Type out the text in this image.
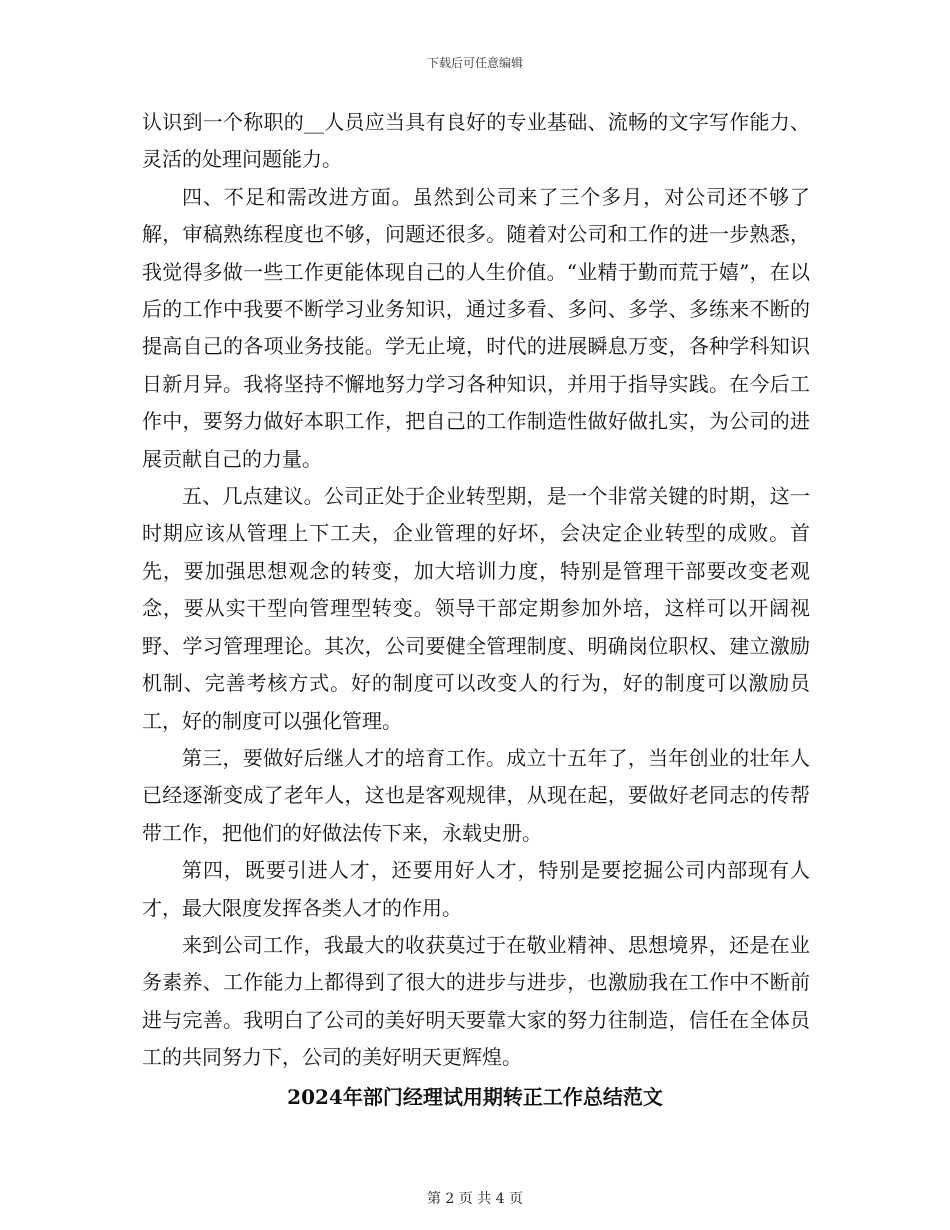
下载后可任意编辑

认识到一个称职的__人员应当具有良好的专业基础、流畅的文字写作能力、灵活的处理问题能力。

四、不足和需改进方面。虽然到公司来了三个多月，对公司还不够了解，审稿熟练程度也不够，问题还很多。随着对公司和工作的进一步熟悉，我觉得多做一些工作更能体现自己的人生价值。“业精于勤而荒于嬉”，在以后的工作中我要不断学习业务知识，通过多看、多问、多学、多练来不断的提高自己的各项业务技能。学无止境，时代的进展瞬息万变，各种学科知识日新月异。我将坚持不懈地努力学习各种知识，并用于指导实践。在今后工作中，要努力做好本职工作，把自己的工作制造性做好做扎实，为公司的进展贡献自己的力量。

五、几点建议。公司正处于企业转型期，是一个非常关键的时期，这一时期应该从管理上下工夫，企业管理的好坏，会决定企业转型的成败。首先，要加强思想观念的转变，加大培训力度，特别是管理干部要改变老观念，要从实干型向管理型转变。领导干部定期参加外培，这样可以开阔视野、学习管理理论。其次，公司要健全管理制度、明确岗位职权、建立激励机制、完善考核方式。好的制度可以改变人的行为，好的制度可以激励员工，好的制度可以强化管理。

第三，要做好后继人才的培育工作。成立十五年了，当年创业的壮年人已经逐渐变成了老年人，这也是客观规律，从现在起，要做好老同志的传帮带工作，把他们的好做法传下来，永载史册。

第四，既要引进人才，还要用好人才，特别是要挖掘公司内部现有人才，最大限度发挥各类人才的作用。

来到公司工作，我最大的收获莫过于在敬业精神、思想境界，还是在业务素养、工作能力上都得到了很大的进步与进步，也激励我在工作中不断前进与完善。我明白了公司的美好明天要靠大家的努力往制造，信任在全体员工的共同努力下，公司的美好明天更辉煌。

2024年部门经理试用期转正工作总结范文
第 2 页 共 4 页
